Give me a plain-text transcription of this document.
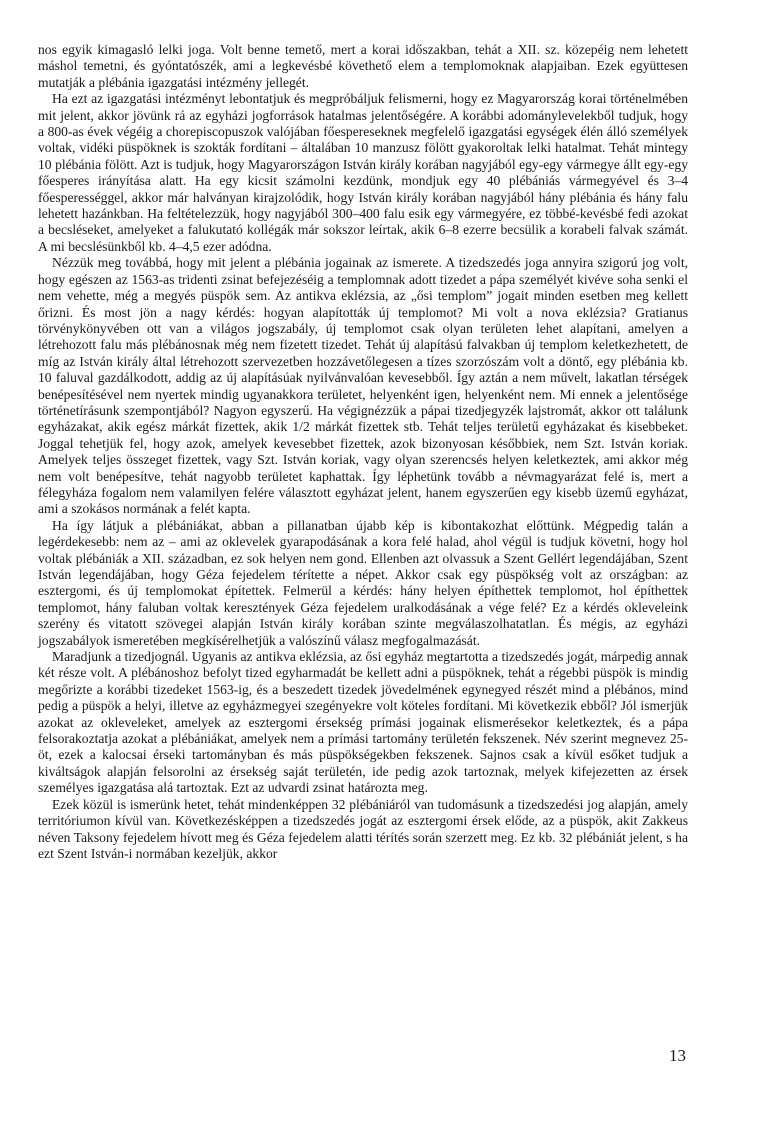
nos egyik kimagasló lelki joga. Volt benne temető, mert a korai időszakban, tehát a XII. sz. közepéig nem lehetett máshol temetni, és gyóntatószék, ami a legkevésbé követhető elem a templomoknak alapjaiban. Ezek együttesen mutatják a plébánia igazgatási intézmény jellegét.

Ha ezt az igazgatási intézményt lebontatjuk és megpróbáljuk felismerni, hogy ez Magyarország korai történelmében mit jelent, akkor jövünk rá az egyházi jogforrások hatalmas jelentőségére. A korábbi adománylevelekből tudjuk, hogy a 800-as évek végéig a chorepiscopuszok valójában főespereseknek megfelelő igazgatási egységek élén álló személyek voltak, vidéki püspöknek is szokták fordítani – általában 10 manzusz fölött gyakoroltak lelki hatalmat. Tehát mintegy 10 plébánia fölött. Azt is tudjuk, hogy Magyarországon István király korában nagyjából egy-egy vármegye állt egy-egy főesperes irányítása alatt. Ha egy kicsit számolni kezdünk, mondjuk egy 40 plébániás vármegyével és 3–4 főesperességgel, akkor már halványan kirajzolódik, hogy István király korában nagyjából hány plébánia és hány falu lehetett hazánkban. Ha feltételezzük, hogy nagyjából 300–400 falu esik egy vármegyére, ez többé-kevésbé fedi azokat a becsléseket, amelyeket a falukutató kollégák már sokszor leírtak, akik 6–8 ezerre becsülik a korabeli falvak számát. A mi becslésünkből kb. 4–4,5 ezer adódna.

Nézzük meg továbbá, hogy mit jelent a plébánia jogainak az ismerete. A tizedszedés joga annyira szigorú jog volt, hogy egészen az 1563-as tridenti zsinat befejezéséig a templomnak adott tizedet a pápa személyét kivéve soha senki el nem vehette, még a megyés püspök sem. Az antikva eklézsia, az „ősi templom” jogait minden esetben meg kellett őrizni. És most jön a nagy kérdés: hogyan alapították új templomot? Mi volt a nova eklézsia? Gratianus törvénykönyvében ott van a világos jogszabály, új templomot csak olyan területen lehet alapítani, amelyen a létrehozott falu más plébánosnak még nem fizetett tizedet. Tehát új alapítású falvakban új templom keletkezhetett, de míg az István király által létrehozott szervezetben hozzávetőlegesen a tízes szorzószám volt a döntő, egy plébánia kb. 10 faluval gazdálkodott, addig az új alapításúak nyilvánvalóan kevesebből. Így aztán a nem művelt, lakatlan térségek benépesítésével nem nyertek mindig ugyanakkora területet, helyenként igen, helyenként nem. Mi ennek a jelentősége történetírásunk szempontjából? Nagyon egyszerű. Ha végignézzük a pápai tizedjegyzék lajstromát, akkor ott találunk egyházakat, akik egész márkát fizettek, akik 1/2 márkát fizettek stb. Tehát teljes területű egyházakat és kisebbeket. Joggal tehetjük fel, hogy azok, amelyek kevesebbet fizettek, azok bizonyosan későbbiek, nem Szt. István koriak. Amelyek teljes összeget fizettek, vagy Szt. István koriak, vagy olyan szerencsés helyen keletkeztek, ami akkor még nem volt benépesítve, tehát nagyobb területet kaphattak. Így léphetünk tovább a névmagyarázat felé is, mert a félegyháza fogalom nem valamilyen felére választott egyházat jelent, hanem egyszerűen egy kisebb üzemű egyházat, ami a szokásos normának a felét kapta.

Ha így látjuk a plébániákat, abban a pillanatban újabb kép is kibontakozhat előttünk. Mégpedig talán a legérdekesebb: nem az – ami az oklevelek gyarapodásának a kora felé halad, ahol végül is tudjuk követni, hogy hol voltak plébániák a XII. században, ez sok helyen nem gond. Ellenben azt olvassuk a Szent Gellért legendájában, Szent István legendájában, hogy Géza fejedelem térítette a népet. Akkor csak egy püspökség volt az országban: az esztergomi, és új templomokat építettek. Felmerül a kérdés: hány helyen építhettek templomot, hol építhettek templomot, hány faluban voltak keresztények Géza fejedelem uralkodásának a vége felé? Ez a kérdés okleveleink szerény és vitatott szövegei alapján István király korában szinte megválaszolhatatlan. És mégis, az egyházi jogszabályok ismeretében megkísérelhetjük a valószínű válasz megfogalmazását.

Maradjunk a tizedjognál. Ugyanis az antikva eklézsia, az ősi egyház megtartotta a tizedszedés jogát, márpedig annak két része volt. A plébánoshoz befolyt tized egyharmadát be kellett adni a püspöknek, tehát a régebbi püspök is mindig megőrizte a korábbi tizedeket 1563-ig, és a beszedett tizedek jövedelmének egynegyed részét mind a plébános, mind pedig a püspök a helyi, illetve az egyházmegyei szegényekre volt köteles fordítani. Mi következik ebből? Jól ismerjük azokat az okleveleket, amelyek az esztergomi érsekség prímási jogainak elismerésekor keletkeztek, és a pápa felsorakoztatja azokat a plébániákat, amelyek nem a prímási tartomány területén fekszenek. Név szerint megnevez 25-öt, ezek a kalocsai érseki tartományban és más püspökségekben fekszenek. Sajnos csak a kívül esőket tudjuk a kiváltságok alapján felsorolni az érsekség saját területén, ide pedig azok tartoznak, melyek kifejezetten az érsek személyes igazgatása alá tartoztak. Ezt az udvardi zsinat határozta meg.

Ezek közül is ismerünk hetet, tehát mindenképpen 32 plébániáról van tudomásunk a tizedszedési jog alapján, amely territóriumon kívül van. Következésképpen a tizedszedés jogát az esztergomi érsek előde, az a püspök, akit Zakkeus néven Taksony fejedelem hívott meg és Géza fejedelem alatti térítés során szerzett meg. Ez kb. 32 plébániát jelent, s ha ezt Szent István-i normában kezeljük, akkor

13
